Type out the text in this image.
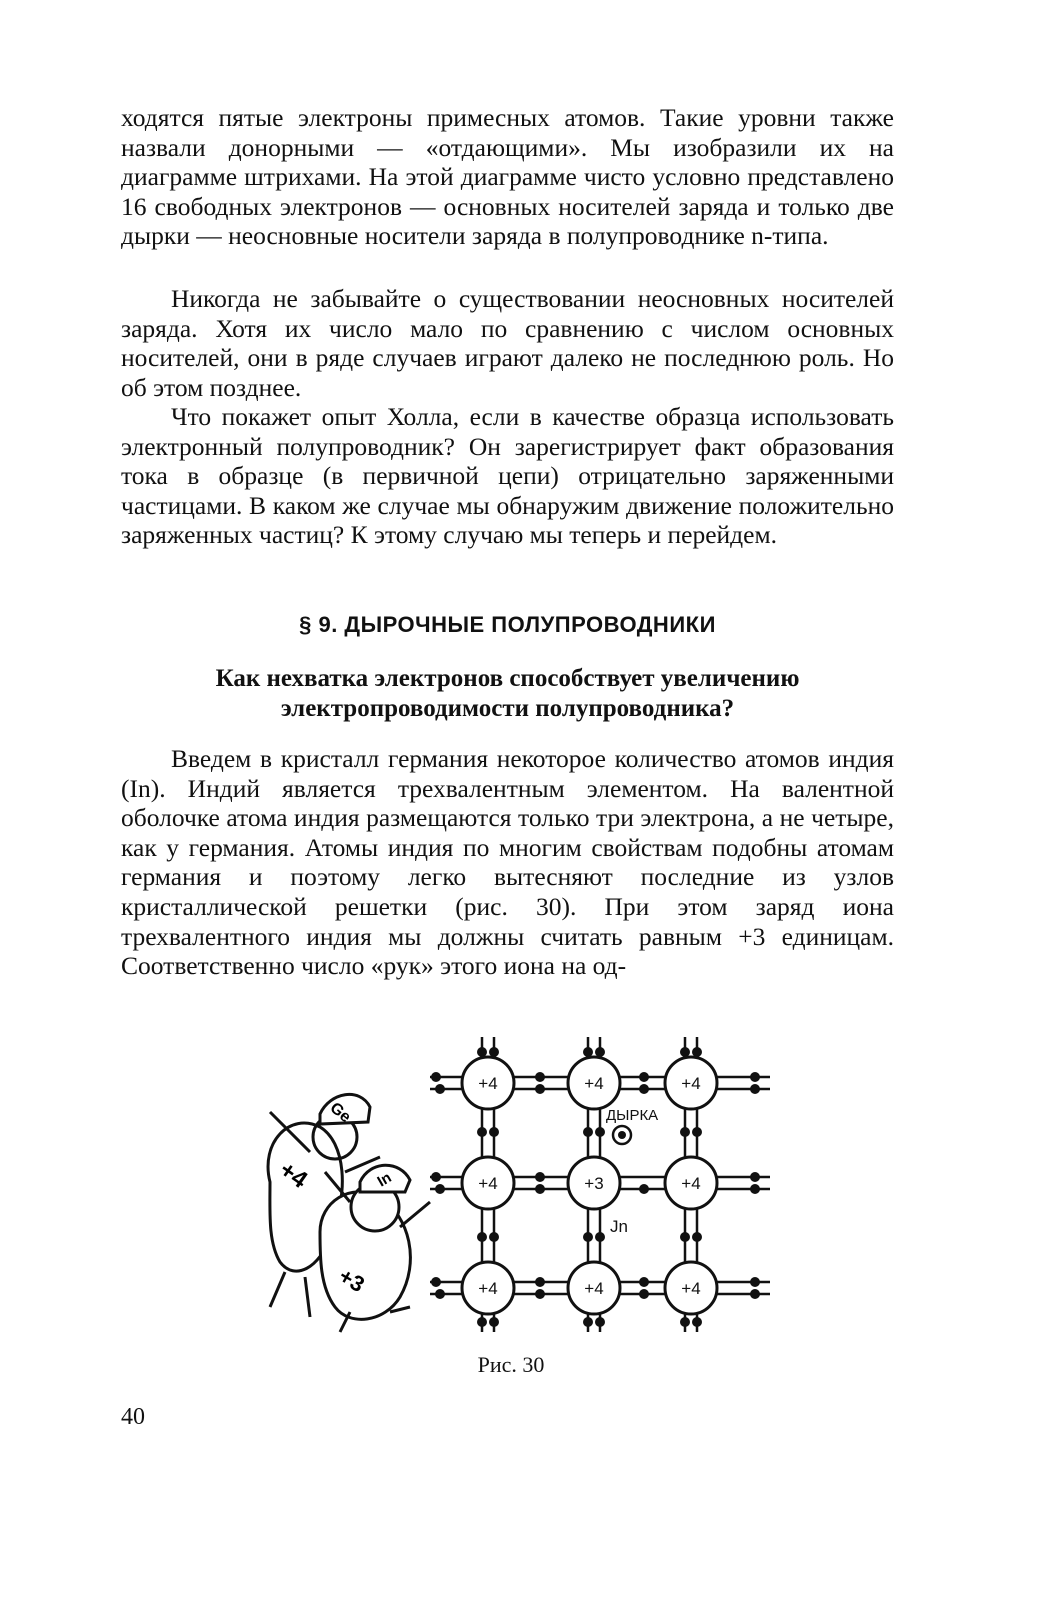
ходятся пятые электроны примесных атомов. Такие уровни также назвали донорными — «отдающими». Мы изобразили их на диаграмме штрихами. На этой диаграмме чисто условно представлено 16 свободных электронов — основных носителей заряда и только две дырки — неосновные носители заряда в полупроводнике n-типа.

Никогда не забывайте о существовании неосновных носителей заряда. Хотя их число мало по сравнению с числом основных носителей, они в ряде случаев играют далеко не последнюю роль. Но об этом позднее.

Что покажет опыт Холла, если в качестве образца использовать электронный полупроводник? Он зарегистрирует факт образования тока в образце (в первичной цепи) отрицательно заряженными частицами. В каком же случае мы обнаружим движение положительно заряженных частиц? К этому случаю мы теперь и перейдем.

§ 9. ДЫРОЧНЫЕ ПОЛУПРОВОДНИКИ
Как нехватка электронов способствует увеличению электропроводимости полупроводника?

Введем в кристалл германия некоторое количество атомов индия (In). Индий является трехвалентным элементом. На валентной оболочке атома индия размещаются только три электрона, а не четыре, как у германия. Атомы индия по многим свойствам подобны атомам германия и поэтому легко вытесняют последние из узлов кристаллической решетки (рис. 30). При этом заряд иона трехвалентного индия мы должны считать равным +3 единицам. Соответственно число «рук» этого иона на од-

Ge
+4	In
+3
+4	+4	+4
+4	+3	+4
+4	+4	+4
ДЫРКА
Jn
Рис. 30
40
